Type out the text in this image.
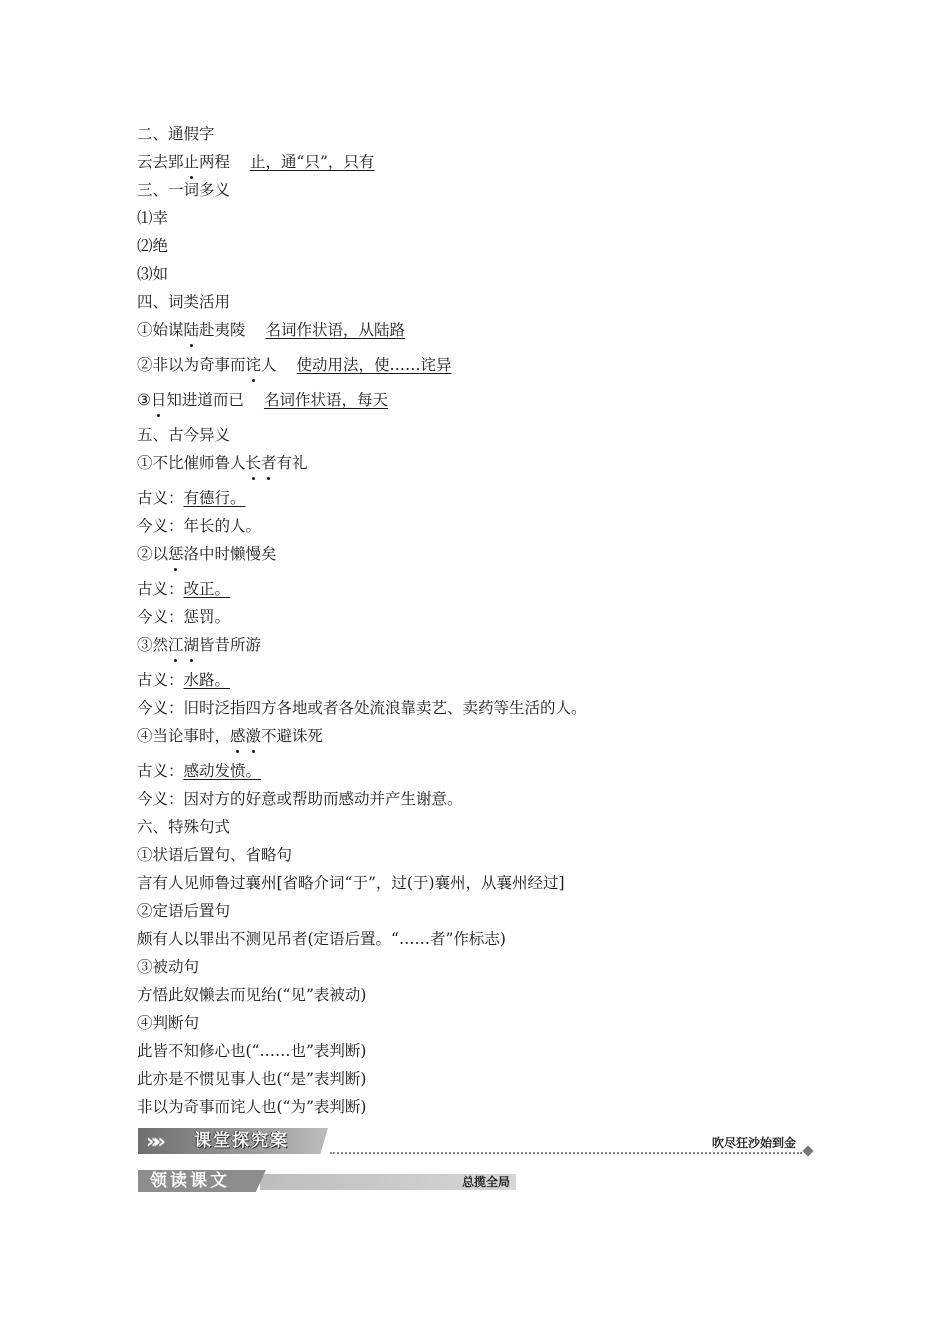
二、通假字
云去郢止两程 止，通“只”，只有
三、一词多义
⑴幸
⑵绝
⑶如
四、词类活用
①始谋陆赴夷陵 名词作状语，从陆路
②非以为奇事而诧人 使动用法，使……诧异
③日知进道而已 名词作状语，每天
五、古今异义
①不比催师鲁人长者有礼
古义：有德行。
今义：年长的人。
②以惩洛中时懒慢矣
古义：改正。
今义：惩罚。
③然江湖皆昔所游
古义：水路。
今义：旧时泛指四方各地或者各处流浪靠卖艺、卖药等生活的人。
④当论事时，感激不避诛死
古义：感动发愤。
今义：因对方的好意或帮助而感动并产生谢意。
六、特殊句式
①状语后置句、省略句
言有人见师鲁过襄州[省略介词“于”，过(于)襄州，从襄州经过]
②定语后置句
颇有人以罪出不测见吊者(定语后置。“……者”作标志)
③被动句
方悟此奴懒去而见绐(“见”表被动)
④判断句
此皆不知修心也(“……也”表判断)
此亦是不惯见事人也(“是”表判断)
非以为奇事而诧人也(“为”表判断)
»» 课堂探究案	吹尽狂沙始到金
领读课文	总揽全局
